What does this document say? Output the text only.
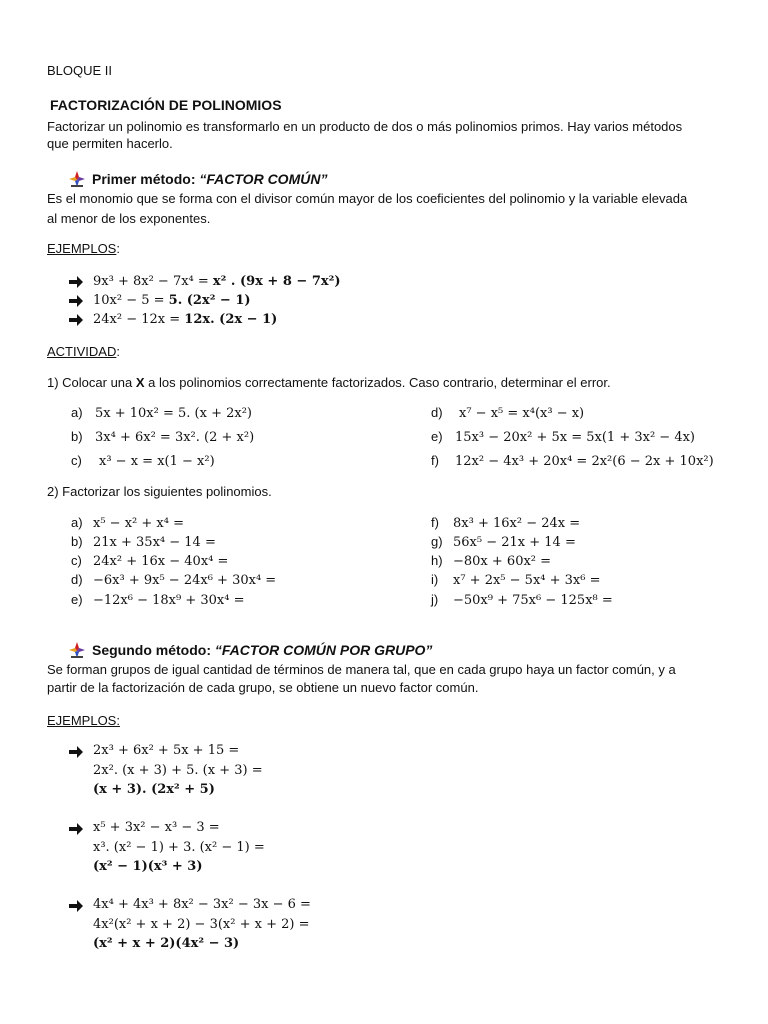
BLOQUE II
FACTORIZACIÓN DE POLINOMIOS
Factorizar un polinomio es transformarlo en un producto de dos o más polinomios primos. Hay varios métodos
que permiten hacerlo.
Primer método: “FACTOR COMÚN”
Es el monomio que se forma con el divisor común mayor de los coeficientes del polinomio y la variable elevada
al menor de los exponentes.
EJEMPLOS:
9x³ + 8x² − 7x⁴ = x² . (9x + 8 − 7x²)
10x² − 5 = 5. (2x² − 1)
24x² − 12x = 12x. (2x − 1)
ACTIVIDAD:
1) Colocar una X a los polinomios correctamente factorizados. Caso contrario, determinar el error.
a) 5x + 10x² = 5. (x + 2x²)
b) 3x⁴ + 6x² = 3x². (2 + x²)
c) x³ − x = x(1 − x²)
d) x⁷ − x⁵ = x⁴(x³ − x)
e) 15x³ − 20x² + 5x = 5x(1 + 3x² − 4x)
f) 12x² − 4x³ + 20x⁴ = 2x²(6 − 2x + 10x²)
2) Factorizar los siguientes polinomios.
a) x⁵ − x² + x⁴ =
b) 21x + 35x⁴ − 14 =
c) 24x² + 16x − 40x⁴ =
d) −6x³ + 9x⁵ − 24x⁶ + 30x⁴ =
e) −12x⁶ − 18x⁹ + 30x⁴ =
f) 8x³ + 16x² − 24x =
g) 56x⁵ − 21x + 14 =
h) −80x + 60x² =
i) x⁷ + 2x⁵ − 5x⁴ + 3x⁶ =
j) −50x⁹ + 75x⁶ − 125x⁸ =
Segundo método: “FACTOR COMÚN POR GRUPO”
Se forman grupos de igual cantidad de términos de manera tal, que en cada grupo haya un factor común, y a
partir de la factorización de cada grupo, se obtiene un nuevo factor común.
EJEMPLOS:
2x³ + 6x² + 5x + 15 =
2x². (x + 3) + 5. (x + 3) =
(x + 3). (2x² + 5)
x⁵ + 3x² − x³ − 3 =
x³. (x² − 1) + 3. (x² − 1) =
(x² − 1)(x³ + 3)
4x⁴ + 4x³ + 8x² − 3x² − 3x − 6 =
4x²(x² + x + 2) − 3(x² + x + 2) =
(x² + x + 2)(4x² − 3)
